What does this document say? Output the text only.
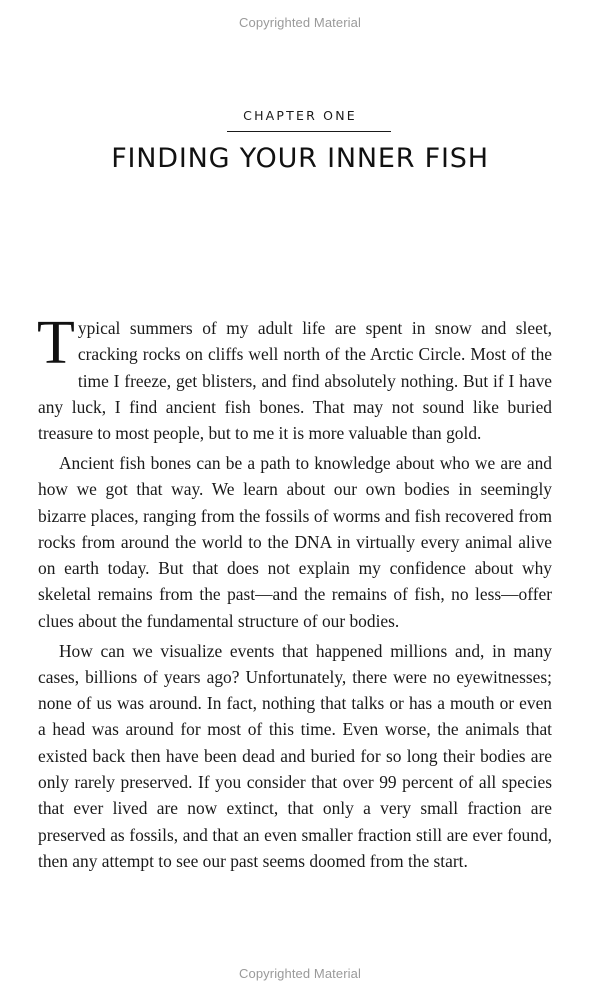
Copyrighted Material
CHAPTER ONE
FINDING YOUR INNER FISH

Typical summers of my adult life are spent in snow and sleet, cracking rocks on cliffs well north of the Arctic Circle. Most of the time I freeze, get blisters, and find absolutely nothing. But if I have any luck, I find ancient fish bones. That may not sound like buried treasure to most people, but to me it is more valuable than gold.

Ancient fish bones can be a path to knowledge about who we are and how we got that way. We learn about our own bodies in seemingly bizarre places, ranging from the fossils of worms and fish recovered from rocks from around the world to the DNA in virtually every animal alive on earth today. But that does not explain my confidence about why skeletal remains from the past—and the remains of fish, no less—offer clues about the fundamental structure of our bodies.

How can we visualize events that happened millions and, in many cases, billions of years ago? Unfortunately, there were no eyewitnesses; none of us was around. In fact, nothing that talks or has a mouth or even a head was around for most of this time. Even worse, the animals that existed back then have been dead and buried for so long their bodies are only rarely preserved. If you consider that over 99 percent of all species that ever lived are now extinct, that only a very small fraction are preserved as fossils, and that an even smaller fraction still are ever found, then any attempt to see our past seems doomed from the start.

Copyrighted Material
